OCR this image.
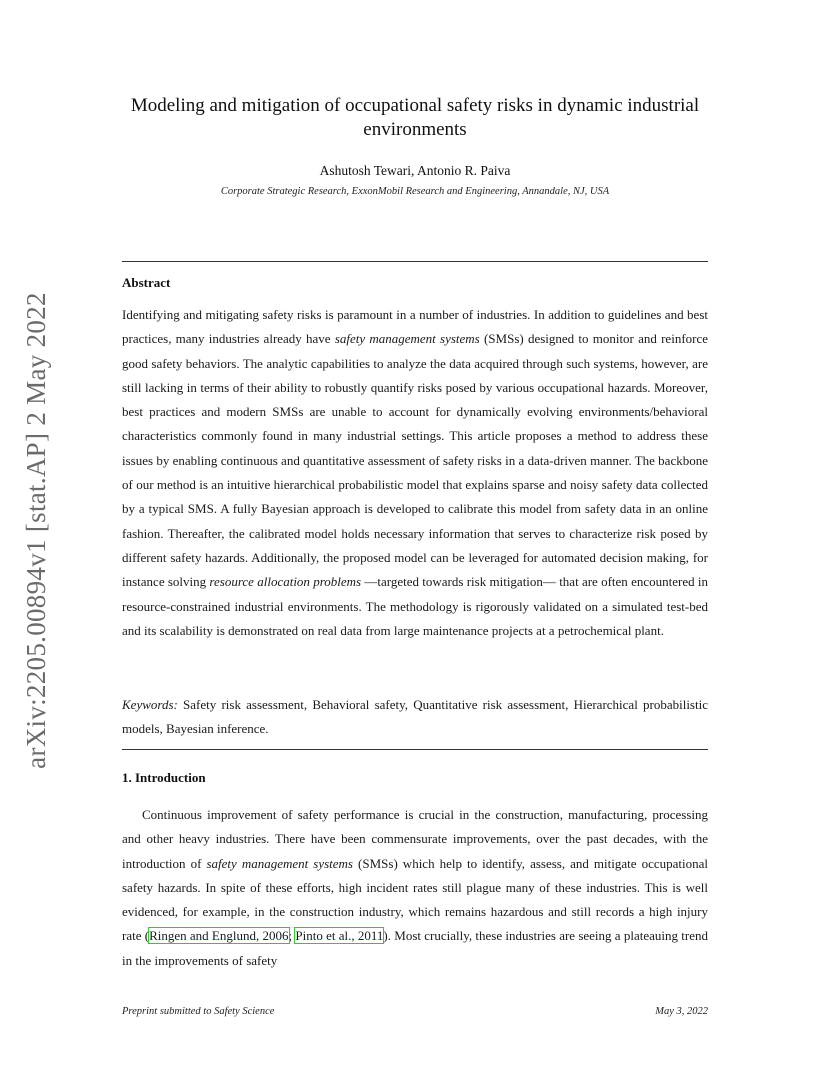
arXiv:2205.00894v1 [stat.AP] 2 May 2022
Modeling and mitigation of occupational safety risks in dynamic industrial environments
Ashutosh Tewari, Antonio R. Paiva
Corporate Strategic Research, ExxonMobil Research and Engineering, Annandale, NJ, USA
Abstract

Identifying and mitigating safety risks is paramount in a number of industries. In addition to guidelines and best practices, many industries already have safety management systems (SMSs) designed to monitor and reinforce good safety behaviors. The analytic capabilities to analyze the data acquired through such systems, however, are still lacking in terms of their ability to robustly quantify risks posed by various occupational hazards. Moreover, best practices and modern SMSs are unable to account for dynamically evolving environments/behavioral characteristics commonly found in many industrial settings. This article proposes a method to address these issues by enabling continuous and quantitative assessment of safety risks in a data-driven manner. The backbone of our method is an intuitive hierarchical probabilistic model that explains sparse and noisy safety data collected by a typical SMS. A fully Bayesian approach is developed to calibrate this model from safety data in an online fashion. Thereafter, the calibrated model holds necessary information that serves to characterize risk posed by different safety hazards. Additionally, the proposed model can be leveraged for automated decision making, for instance solving resource allocation problems —targeted towards risk mitigation— that are often encountered in resource-constrained industrial environments. The methodology is rigorously validated on a simulated test-bed and its scalability is demonstrated on real data from large maintenance projects at a petrochemical plant.

Keywords: Safety risk assessment, Behavioral safety, Quantitative risk assessment, Hierarchical probabilistic models, Bayesian inference.

1. Introduction

Continuous improvement of safety performance is crucial in the construction, manufacturing, processing and other heavy industries. There have been commensurate improvements, over the past decades, with the introduction of safety management systems (SMSs) which help to identify, assess, and mitigate occupational safety hazards. In spite of these efforts, high incident rates still plague many of these industries. This is well evidenced, for example, in the construction industry, which remains hazardous and still records a high injury rate (Ringen and Englund, 2006; Pinto et al., 2011). Most crucially, these industries are seeing a plateauing trend in the improvements of safety

Preprint submitted to Safety Science	May 3, 2022
